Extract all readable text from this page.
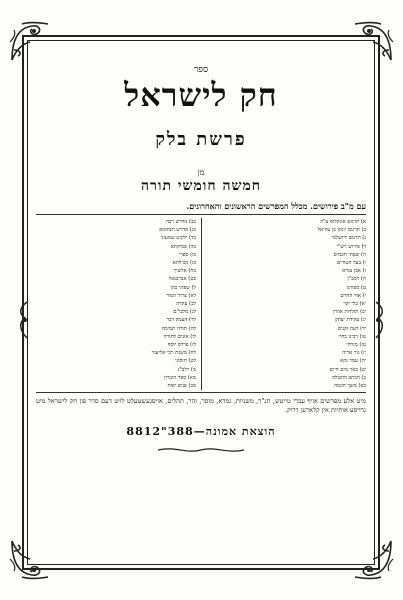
ספר
חק לישראל
פרשת בלק
מן
חמשה חומשי תורה
עם מ"ב פירושים. מכלל המפרשים הראשונים והאחרונים.
א) תרגום אונקלוס ע"ה
ב) תרגום יונתן בן עוזיאל
ג) תרגום ירושלמי
ד) פירוש רש"י
ה) שפתי חכמים
ו) בעל הטורים
ז) אבן עזרא
ח) רמב"ן
ט) ספורנו
י) אור החיים
יא) כלי יקר
יב) תולדות אהרן
יג) עקידת יצחק
יד) דעת זקנים
טו) רבינו בחיי
טז) מזרחי
יז) גור אריה
יח) עמר נקא
יט) באר מים חיים
כ) הכתב והקבלה
כא) משך חכמה
כב) מדרש רבה
כג) מדרש תנחומא
כד) ילקוט שמעוני
כה) פסיקתא
כו) ספרי
כז) מכילתא
כח) אלשיך
כט) אברבנאל
ל) שפתי כהן
לא) צרור המור
לב) עקדה
לג) מלבי"ם
לד) העמק דבר
לה) תורה תמימה
לו) אזנים לתורה
לז) פרדס יוסף
לח) משנת רבי אליעזר
לט) חזקוני
מ) רלב"ג
מא) ספר הזכרון
מב) פנים יפות
מיט אלע מפרשים אויף עברי טייטש, תנ"ך, משניות, גמרא, מוסר, זהר, תהלים, אויסגעשטעלט לויט דעם סדר פון חק לישראל מיט גרויסע אותיות אין קלארען דרוק.
הוצאת אמונה—388"8812
